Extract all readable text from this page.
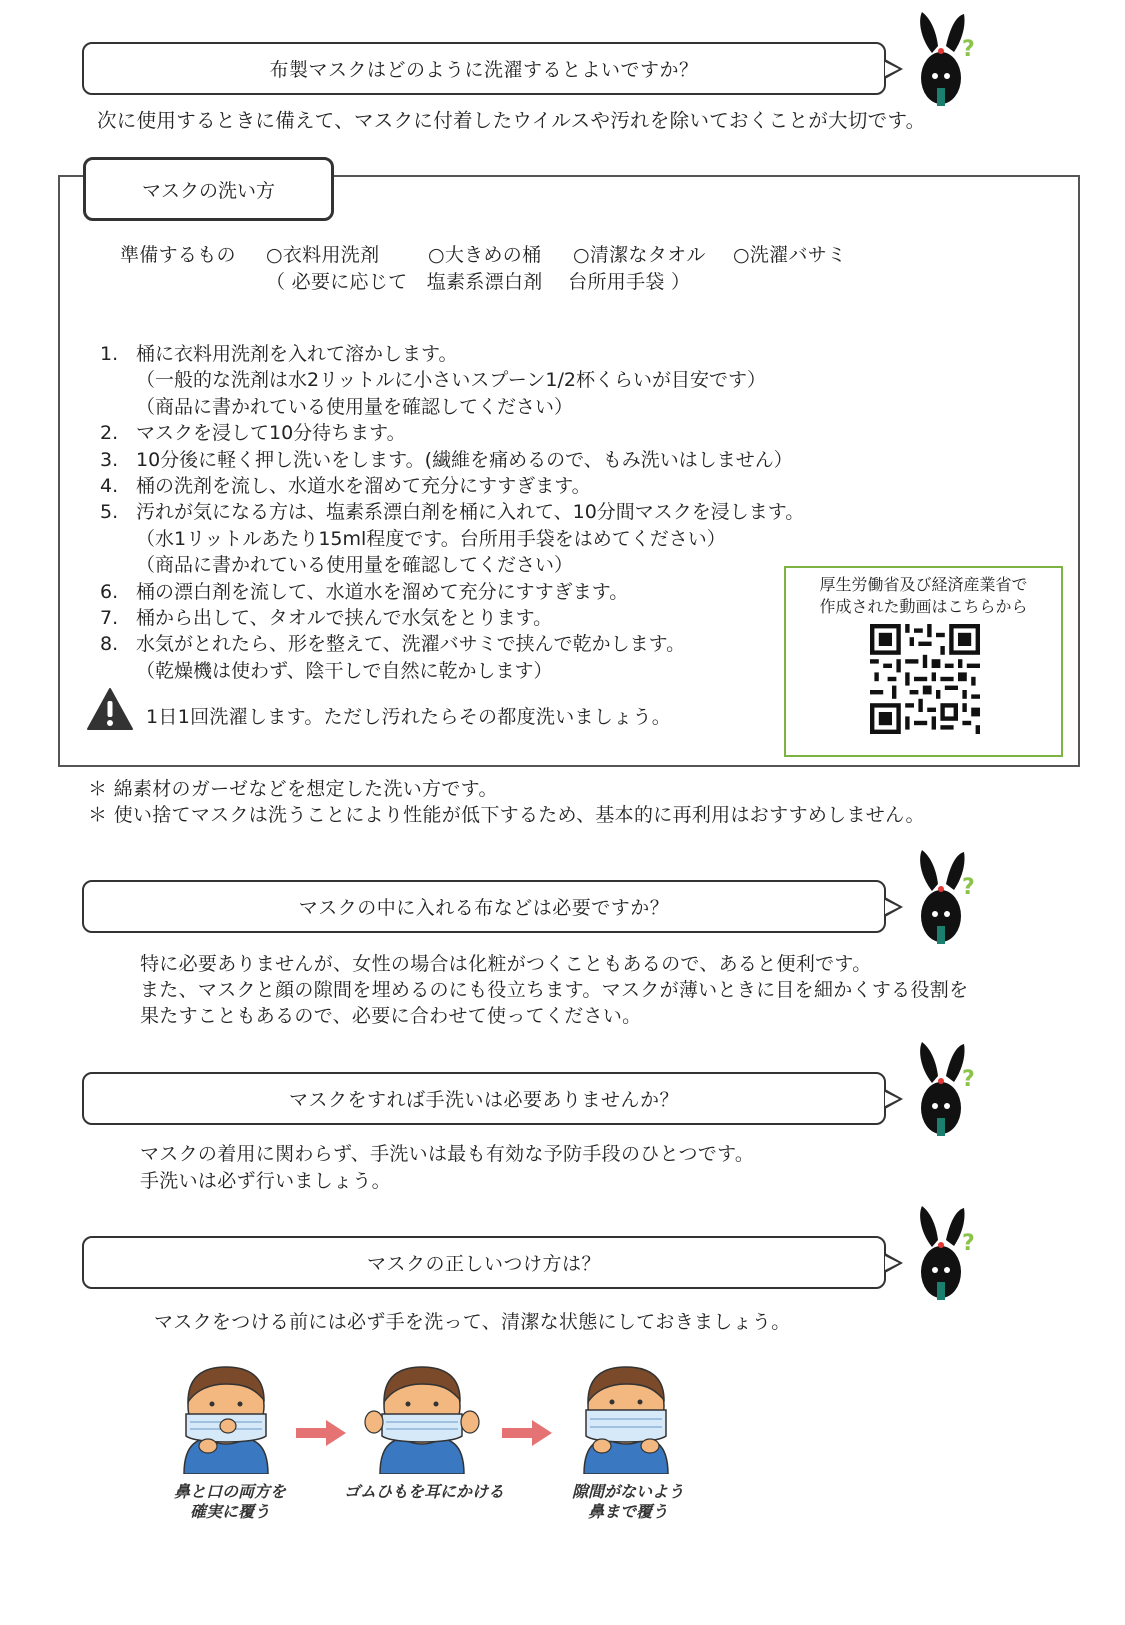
布製マスクはどのように洗濯するとよいですか？
?
次に使用するときに備えて、マスクに付着したウイルスや汚れを除いておくことが大切です。
マスクの洗い方
準備するもの ○衣料用洗剤	○大きめの桶 ○清潔なタオル ○洗濯バサミ
（ 必要に応じて　塩素系漂白剤　 台所用手袋 ）
1. 桶に衣料用洗剤を入れて溶かします。
（一般的な洗剤は水2リットルに小さいスプーン1/2杯くらいが目安です）
（商品に書かれている使用量を確認してください）
2. マスクを浸して10分待ちます。
3. 10分後に軽く押し洗いをします。(繊維を痛めるので、もみ洗いはしません）
4. 桶の洗剤を流し、水道水を溜めて充分にすすぎます。
5. 汚れが気になる方は、塩素系漂白剤を桶に入れて、10分間マスクを浸します。
（水1リットルあたり15ml程度です。台所用手袋をはめてください）
（商品に書かれている使用量を確認してください）
6. 桶の漂白剤を流して、水道水を溜めて充分にすすぎます。
7. 桶から出して、タオルで挟んで水気をとります。
8. 水気がとれたら、形を整えて、洗濯バサミで挟んで乾かします。
（乾燥機は使わず、陰干しで自然に乾かします）
1日1回洗濯します。ただし汚れたらその都度洗いましょう。
厚生労働省及び経済産業省で
作成された動画はこちらから
＊ 綿素材のガーゼなどを想定した洗い方です。
＊ 使い捨てマスクは洗うことにより性能が低下するため、基本的に再利用はおすすめしません。
マスクの中に入れる布などは必要ですか？
?
特に必要ありませんが、女性の場合は化粧がつくこともあるので、あると便利です。
また、マスクと顔の隙間を埋めるのにも役立ちます。マスクが薄いときに目を細かくする役割を
果たすこともあるので、必要に合わせて使ってください。
マスクをすれば手洗いは必要ありませんか？
?
マスクの着用に関わらず、手洗いは最も有効な予防手段のひとつです。
手洗いは必ず行いましょう。
マスクの正しいつけ方は？
?
マスクをつける前には必ず手を洗って、清潔な状態にしておきましょう。
鼻と口の両方を
確実に覆う
ゴムひもを耳にかける	隙間がないよう
鼻まで覆う
